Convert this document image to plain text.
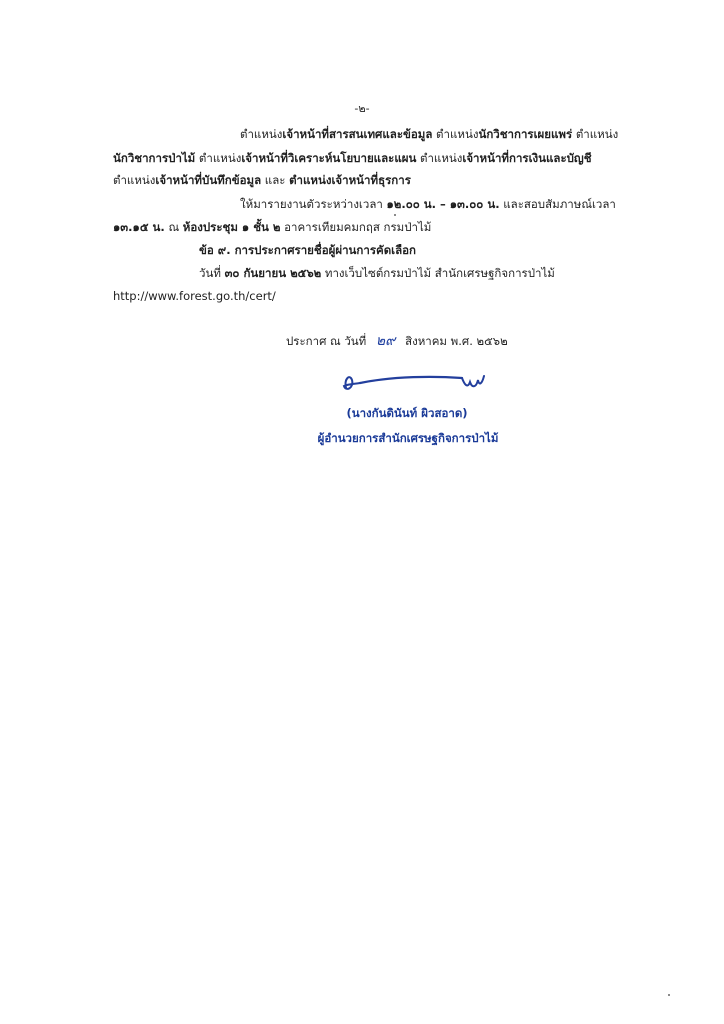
-๒-
ตำแหน่งเจ้าหน้าที่สารสนเทศและข้อมูล ตำแหน่งนักวิชาการเผยแพร่ ตำแหน่ง
นักวิชาการป่าไม้ ตำแหน่งเจ้าหน้าที่วิเคราะห์นโยบายและแผน ตำแหน่งเจ้าหน้าที่การเงินและบัญชี
ตำแหน่งเจ้าหน้าที่บันทึกข้อมูล และ ตำแหน่งเจ้าหน้าที่ธุรการ
ให้มารายงานตัวระหว่างเวลา ๑๒.๐๐ น. – ๑๓.๐๐ น. และสอบสัมภาษณ์เวลา
๑๓.๑๕ น. ณ ห้องประชุม ๑ ชั้น ๒ อาคารเทียมคมกฤส กรมป่าไม้
ข้อ ๙. การประกาศรายชื่อผู้ผ่านการคัดเลือก
วันที่ ๓๐ กันยายน ๒๕๖๒ ทางเว็บไซต์กรมป่าไม้ สำนักเศรษฐกิจการป่าไม้
http://www.forest.go.th/cert/
ประกาศ ณ วันที่ ๒๙ สิงหาคม พ.ศ. ๒๕๖๒
(นางกันดินันท์ ผิวสอาด)
ผู้อำนวยการสำนักเศรษฐกิจการป่าไม้
